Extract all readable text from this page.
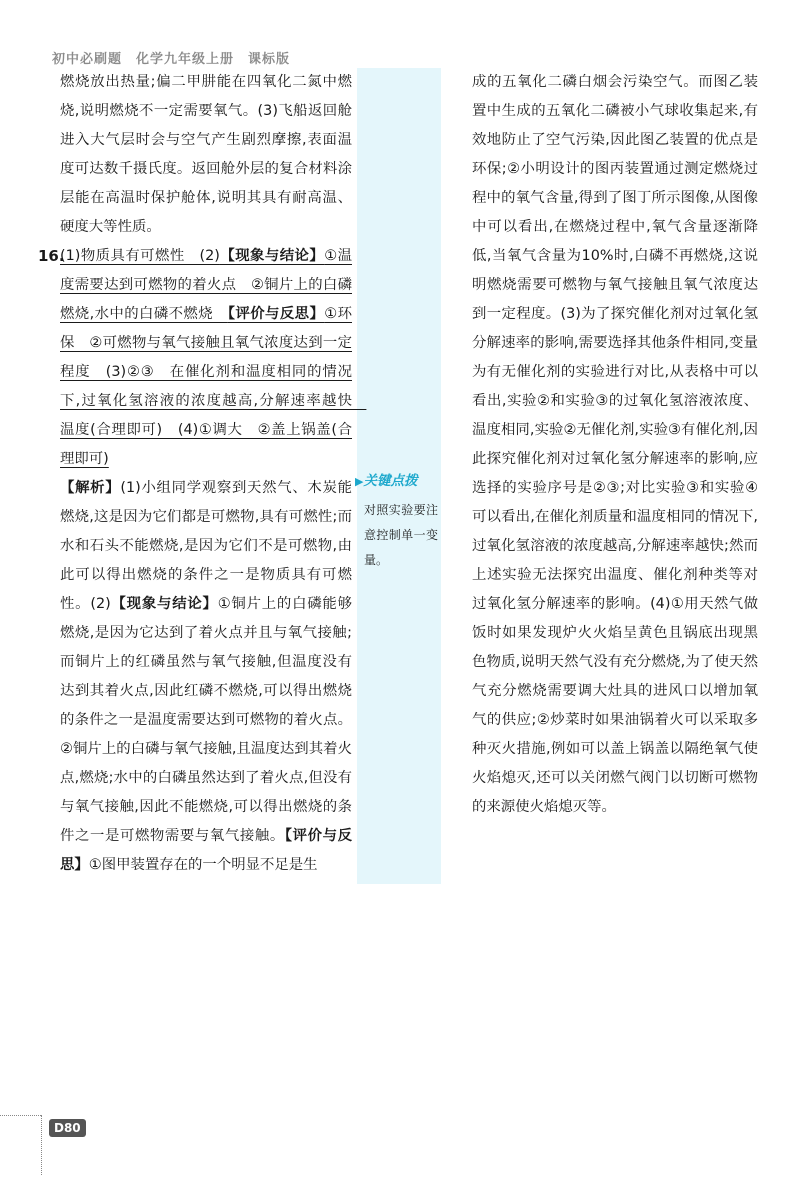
初中必刷题　化学九年级上册　课标版
▶关键点拨
对照实验要注意控制单一变量。

燃烧放出热量;偏二甲肼能在四氧化二氮中燃烧,说明燃烧不一定需要氧气。(3)飞船返回舱进入大气层时会与空气产生剧烈摩擦,表面温度可达数千摄氏度。返回舱外层的复合材料涂层能在高温时保护舱体,说明其具有耐高温、硬度大等性质。

16.
(1)物质具有可燃性　(2)【现象与结论】①温度需要达到可燃物的着火点　②铜片上的白磷燃烧,水中的白磷不燃烧　【评价与反思】①环保　②可燃物与氧气接触且氧气浓度达到一定程度　(3)②③　在催化剂和温度相同的情况下,过氧化氢溶液的浓度越高,分解速率越快　温度(合理即可)　(4)①调大　②盖上锅盖(合理即可)

【解析】(1)小组同学观察到天然气、木炭能燃烧,这是因为它们都是可燃物,具有可燃性;而水和石头不能燃烧,是因为它们不是可燃物,由此可以得出燃烧的条件之一是物质具有可燃性。(2)【现象与结论】①铜片上的白磷能够燃烧,是因为它达到了着火点并且与氧气接触;而铜片上的红磷虽然与氧气接触,但温度没有达到其着火点,因此红磷不燃烧,可以得出燃烧的条件之一是温度需要达到可燃物的着火点。②铜片上的白磷与氧气接触,且温度达到其着火点,燃烧;水中的白磷虽然达到了着火点,但没有与氧气接触,因此不能燃烧,可以得出燃烧的条件之一是可燃物需要与氧气接触。【评价与反思】①图甲装置存在的一个明显不足是生

成的五氧化二磷白烟会污染空气。而图乙装置中生成的五氧化二磷被小气球收集起来,有效地防止了空气污染,因此图乙装置的优点是环保;②小明设计的图丙装置通过测定燃烧过程中的氧气含量,得到了图丁所示图像,从图像中可以看出,在燃烧过程中,氧气含量逐渐降低,当氧气含量为10%时,白磷不再燃烧,这说明燃烧需要可燃物与氧气接触且氧气浓度达到一定程度。(3)为了探究催化剂对过氧化氢分解速率的影响,需要选择其他条件相同,变量为有无催化剂的实验进行对比,从表格中可以看出,实验②和实验③的过氧化氢溶液浓度、温度相同,实验②无催化剂,实验③有催化剂,因此探究催化剂对过氧化氢分解速率的影响,应选择的实验序号是②③;对比实验③和实验④可以看出,在催化剂质量和温度相同的情况下,过氧化氢溶液的浓度越高,分解速率越快;然而上述实验无法探究出温度、催化剂种类等对过氧化氢分解速率的影响。(4)①用天然气做饭时如果发现炉火火焰呈黄色且锅底出现黑色物质,说明天然气没有充分燃烧,为了使天然气充分燃烧需要调大灶具的进风口以增加氧气的供应;②炒菜时如果油锅着火可以采取多种灭火措施,例如可以盖上锅盖以隔绝氧气使火焰熄灭,还可以关闭燃气阀门以切断可燃物的来源使火焰熄灭等。

D80
